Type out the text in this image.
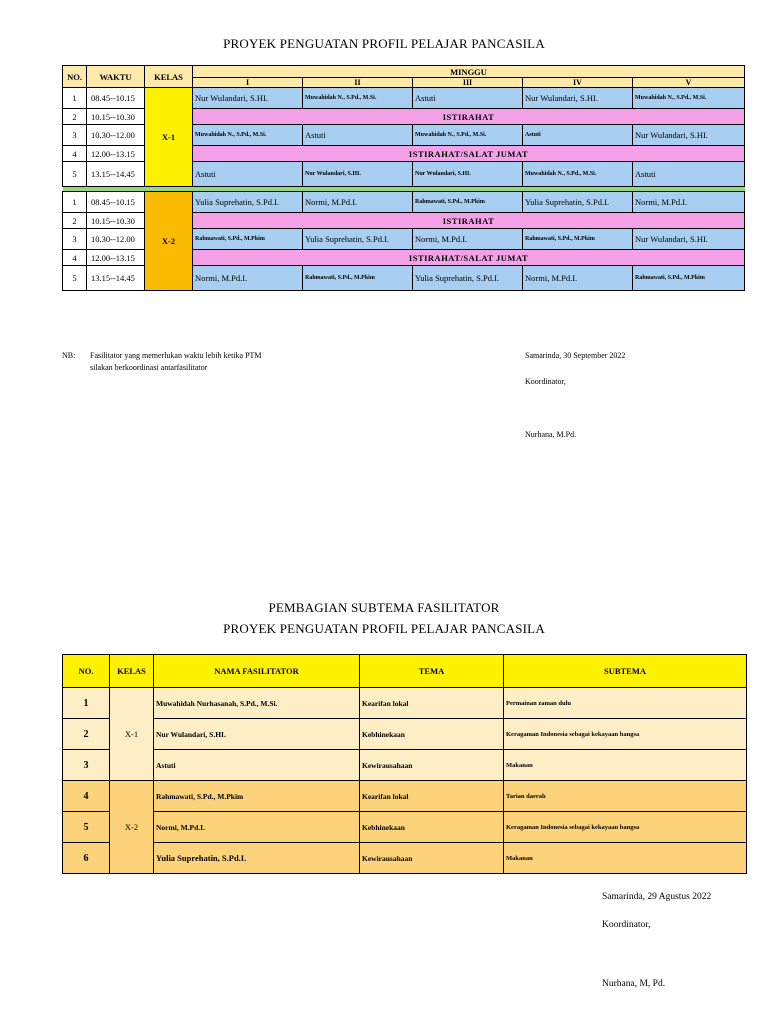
PROYEK PENGUATAN PROFIL PELAJAR PANCASILA
NO.	WAKTU	KELAS	MINGGU				
			I	II	III	IV	V
1	08.45--10.15	X-1	Nur Wulandari, S.HI.	Muwahidah N., S.Pd., M.Si.	Astuti	Nur Wulandari, S.HI.	Muwahidah N., S.Pd., M.Si.
2	10.15--10.30		ISTIRAHAT				
3	10.30--12.00		Muwahidah N., S.Pd., M.Si.	Astuti	Muwahidah N., S.Pd., M.Si.	Astuti	Nur Wulandari, S.HI.
4	12.00--13.15		ISTIRAHAT/SALAT JUMAT				
5	13.15--14.45		Astuti	Nur Wulandari, S.HI.	Nur Wulandari, S.HI.	Muwahidah N., S.Pd., M.Si.	Astuti

1	08.45--10.15	X-2	Yulia Suprehatin, S.Pd.I.	Normi, M.Pd.I.	Rahmawati, S.Pd., M.Pkim	Yulia Suprehatin, S.Pd.I.	Normi, M.Pd.I.
2	10.15--10.30		ISTIRAHAT				
3	10.30--12.00		Rahmawati, S.Pd., M.Pkim	Yulia Suprehatin, S.Pd.I.	Normi, M.Pd.I.	Rahmawati, S.Pd., M.Pkim	Nur Wulandari, S.HI.
4	12.00--13.15		ISTIRAHAT/SALAT JUMAT				
5	13.15--14.45		Normi, M.Pd.I.	Rahmawati, S.Pd., M.Pkim	Yulia Suprehatin, S.Pd.I.	Normi, M.Pd.I.	Rahmawati, S.Pd., M.Pkim
NB: Fasilitator yang memerlukan waktu lebih ketika PTM
silakan berkoordinasi antarfasilitator
Samarinda, 30 September 2022
Koordinator,
Nurhana, M.Pd.
PEMBAGIAN SUBTEMA FASILITATOR
PROYEK PENGUATAN PROFIL PELAJAR PANCASILA
NO.	KELAS	NAMA FASILITATOR	TEMA	SUBTEMA
1	X-1	Muwahidah Nurhasanah, S.Pd., M.Si.	Kearifan lokal	Permainan zaman dulu
2		Nur Wulandari, S.HI.	Kebhinekaan	Keragaman Indonesia sebagai kekayaan bangsa
3		Astuti	Kewirausahaan	Makanan
4	X-2	Rahmawati, S.Pd., M.Pkim	Kearifan lokal	Tarian daerah
5		Normi, M.Pd.I.	Kebhinekaan	Keragaman Indonesia sebagai kekayaan bangsa
6		Yulia Suprehatin, S.Pd.I.	Kewirausahaan	Makanan
Samarinda, 29 Agustus 2022
Koordinator,
Nurhana, M, Pd.
